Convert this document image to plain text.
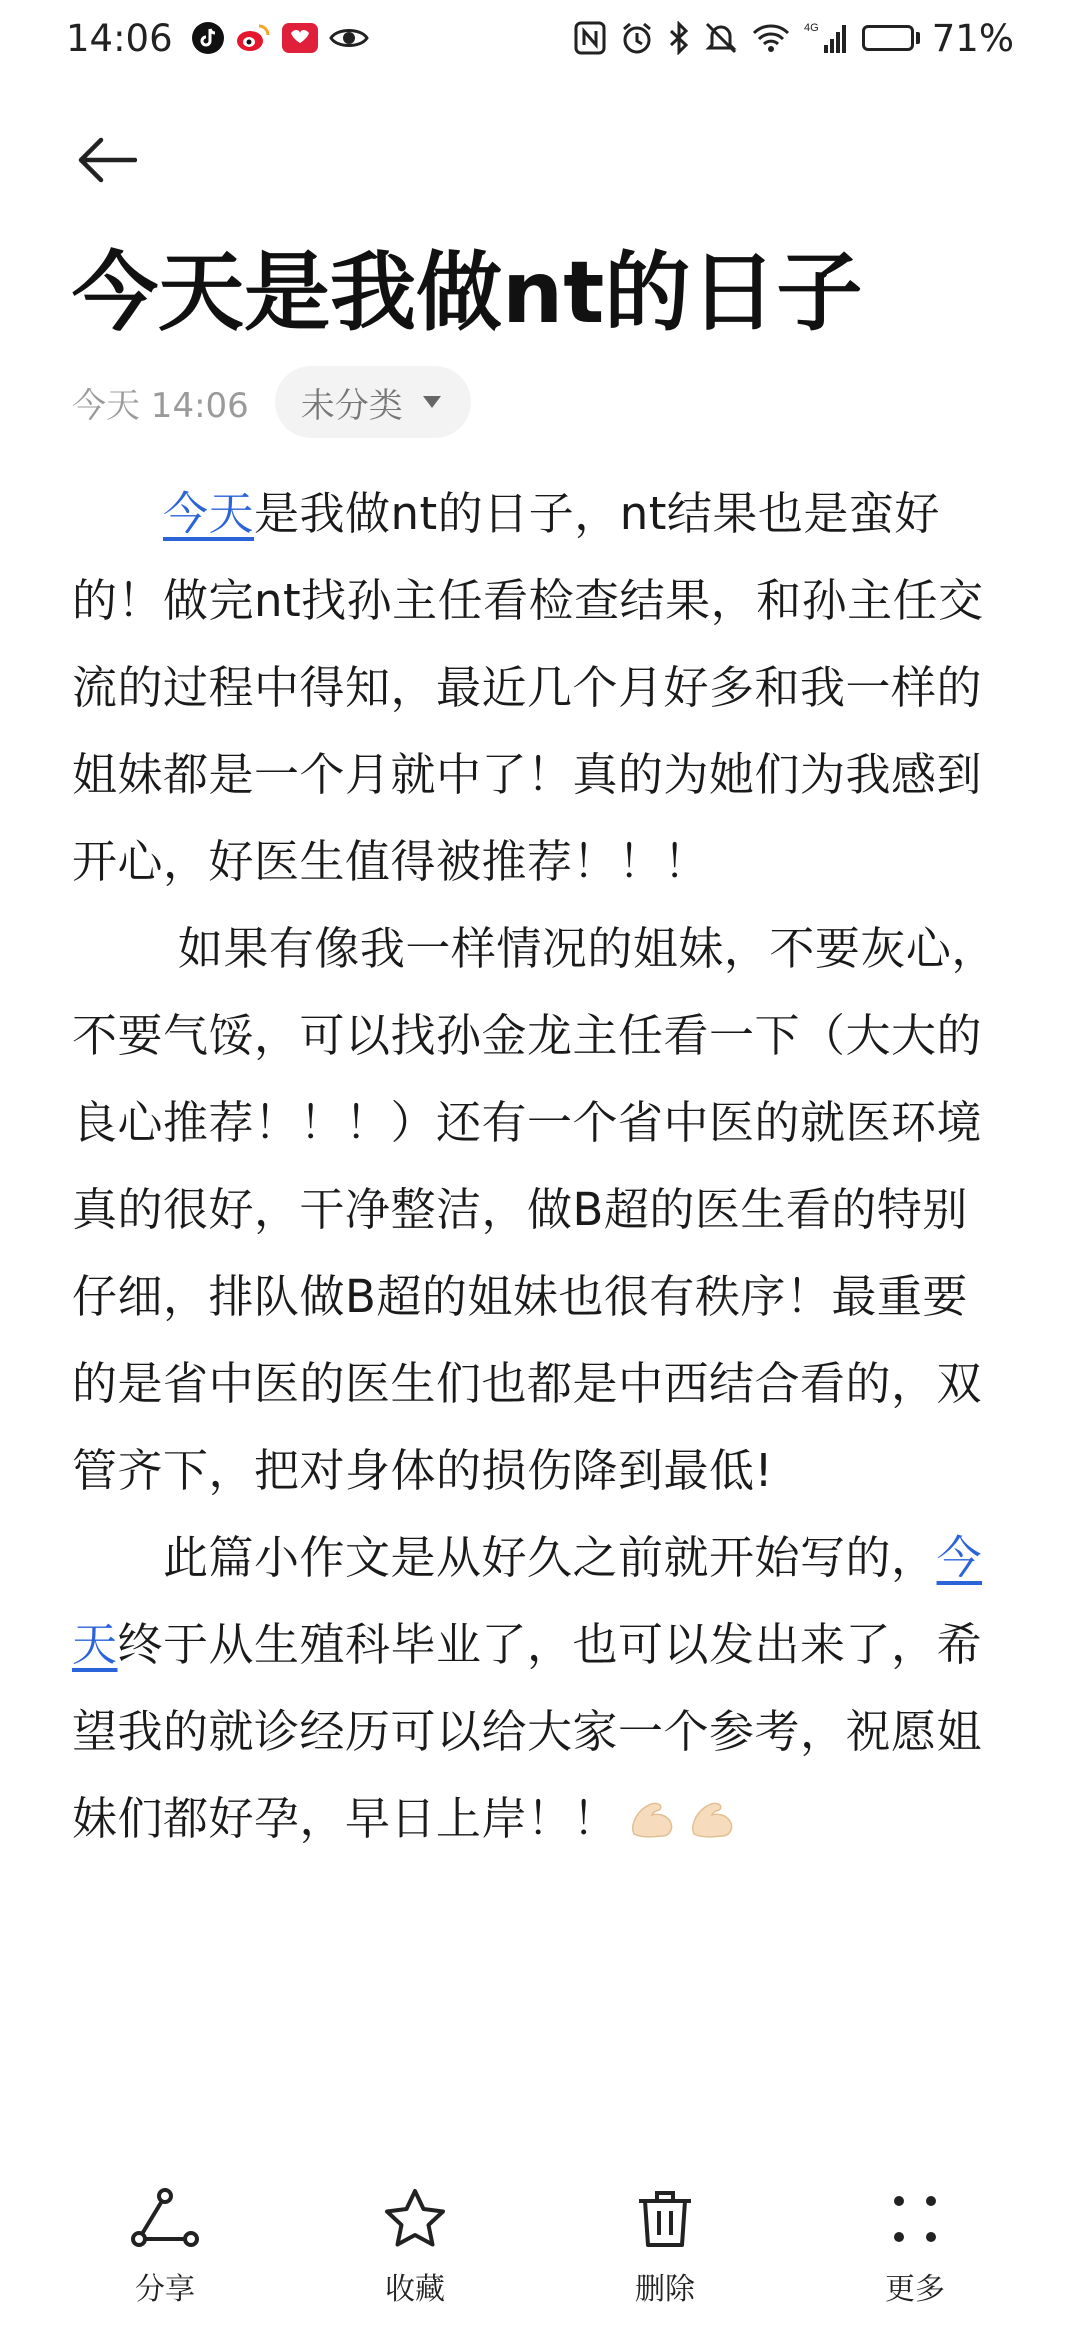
14:06	4G	71%
今天是我做nt的日子
今天 14:06 未分类

　　今天是我做nt的日子，nt结果也是蛮好的！做完nt找孙主任看检查结果，和孙主任交流的过程中得知，最近几个月好多和我一样的姐妹都是一个月就中了！真的为她们为我感到开心，好医生值得被推荐！！！

　　 如果有像我一样情况的姐妹，不要灰心，不要气馁，可以找孙金龙主任看一下（大大的良心推荐！！！）还有一个省中医的就医环境真的很好，干净整洁，做B超的医生看的特别仔细，排队做B超的姐妹也很有秩序！最重要的是省中医的医生们也都是中西结合看的，双管齐下，把对身体的损伤降到最低!

　　此篇小作文是从好久之前就开始写的，今天终于从生殖科毕业了，也可以发出来了，希望我的就诊经历可以给大家一个参考，祝愿姐妹们都好孕，早日上岸！！

分享	收藏	删除	更多
